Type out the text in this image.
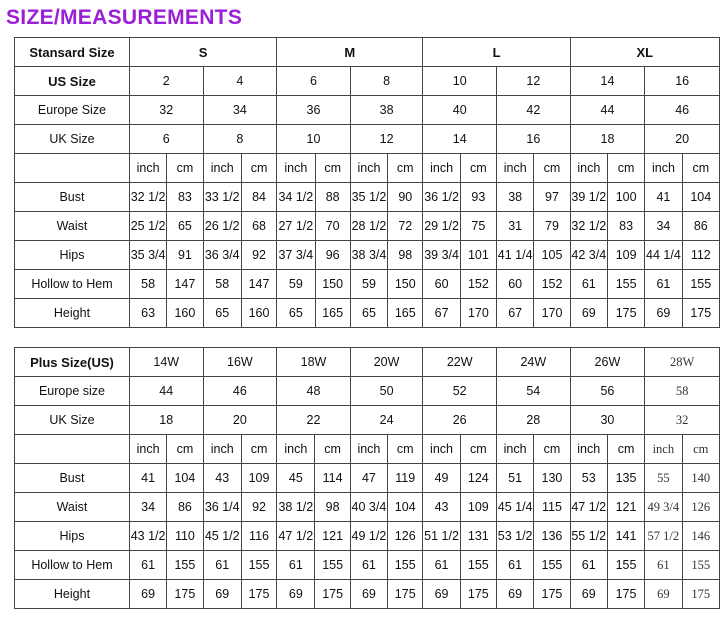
SIZE/MEASUREMENTS
Stansard Size	S				M				L				XL			
US Size	2		4		6		8		10		12		14		16	
Europe Size	32		34		36		38		40		42		44		46	
UK Size	6		8		10		12		14		16		18		20	
	inch	cm	inch	cm	inch	cm	inch	cm	inch	cm	inch	cm	inch	cm	inch	cm
Bust	32 1/2	83	33 1/2	84	34 1/2	88	35 1/2	90	36 1/2	93	38	97	39 1/2	100	41	104
Waist	25 1/2	65	26 1/2	68	27 1/2	70	28 1/2	72	29 1/2	75	31	79	32 1/2	83	34	86
Hips	35 3/4	91	36 3/4	92	37 3/4	96	38 3/4	98	39 3/4	101	41 1/4	105	42 3/4	109	44 1/4	112
Hollow to Hem	58	147	58	147	59	150	59	150	60	152	60	152	61	155	61	155
Height	63	160	65	160	65	165	65	165	67	170	67	170	69	175	69	175
Plus Size(US)	14W		16W		18W		20W		22W		24W		26W		28W	
Europe size	44		46		48		50		52		54		56		58	
UK Size	18		20		22		24		26		28		30		32	
	inch	cm	inch	cm	inch	cm	inch	cm	inch	cm	inch	cm	inch	cm	inch	cm
Bust	41	104	43	109	45	114	47	119	49	124	51	130	53	135	55	140
Waist	34	86	36 1/4	92	38 1/2	98	40 3/4	104	43	109	45 1/4	115	47 1/2	121	49 3/4	126
Hips	43 1/2	110	45 1/2	116	47 1/2	121	49 1/2	126	51 1/2	131	53 1/2	136	55 1/2	141	57 1/2	146
Hollow to Hem	61	155	61	155	61	155	61	155	61	155	61	155	61	155	61	155
Height	69	175	69	175	69	175	69	175	69	175	69	175	69	175	69	175
